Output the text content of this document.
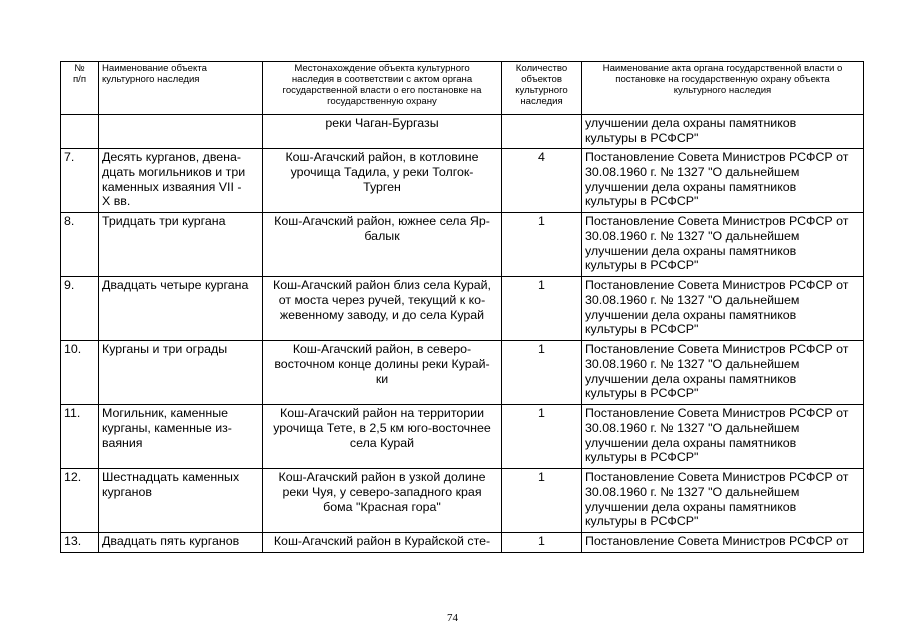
№
п/п	Наименование объекта
культурного наследия	Местонахождение объекта культурного
наследия в соответствии с актом органа
государственной власти о его постановке на
государственную охрану	Количество
объектов
культурного
наследия	Наименование акта органа государственной власти о
постановке на государственную охрану объекта
культурного наследия

		реки Чаган-Бургазы		улучшении дела охраны памятников
культуры в РСФСР"

7.	Десять курганов, двена-
дцать могильников и три
каменных изваяния VII -
X вв.	Кош-Агачский район, в котловине
урочища Тадила, у реки Толгок-
Турген	4	Постановление Совета Министров РСФСР от
30.08.1960 г. № 1327 "О дальнейшем
улучшении дела охраны памятников
культуры в РСФСР"

8.	Тридцать три кургана	Кош-Агачский район, южнее села Яр-
балык	1	Постановление Совета Министров РСФСР от
30.08.1960 г. № 1327 "О дальнейшем
улучшении дела охраны памятников
культуры в РСФСР"

9.	Двадцать четыре кургана	Кош-Агачский район близ села Курай,
от моста через ручей, текущий к ко-
жевенному заводу, и до села Курай	1	Постановление Совета Министров РСФСР от
30.08.1960 г. № 1327 "О дальнейшем
улучшении дела охраны памятников
культуры в РСФСР"

10.	Курганы и три ограды	Кош-Агачский район, в северо-
восточном конце долины реки Курай-
ки	1	Постановление Совета Министров РСФСР от
30.08.1960 г. № 1327 "О дальнейшем
улучшении дела охраны памятников
культуры в РСФСР"

11.	Могильник, каменные
курганы, каменные из-
ваяния	Кош-Агачский район на территории
урочища Тете, в 2,5 км юго-восточнее
села Курай	1	Постановление Совета Министров РСФСР от
30.08.1960 г. № 1327 "О дальнейшем
улучшении дела охраны памятников
культуры в РСФСР"

12.	Шестнадцать каменных
курганов	Кош-Агачский район в узкой долине
реки Чуя, у северо-западного края
бома "Красная гора"	1	Постановление Совета Министров РСФСР от
30.08.1960 г. № 1327 "О дальнейшем
улучшении дела охраны памятников
культуры в РСФСР"

13.	Двадцать пять курганов	Кош-Агачский район в Курайской сте-	1	Постановление Совета Министров РСФСР от
74
